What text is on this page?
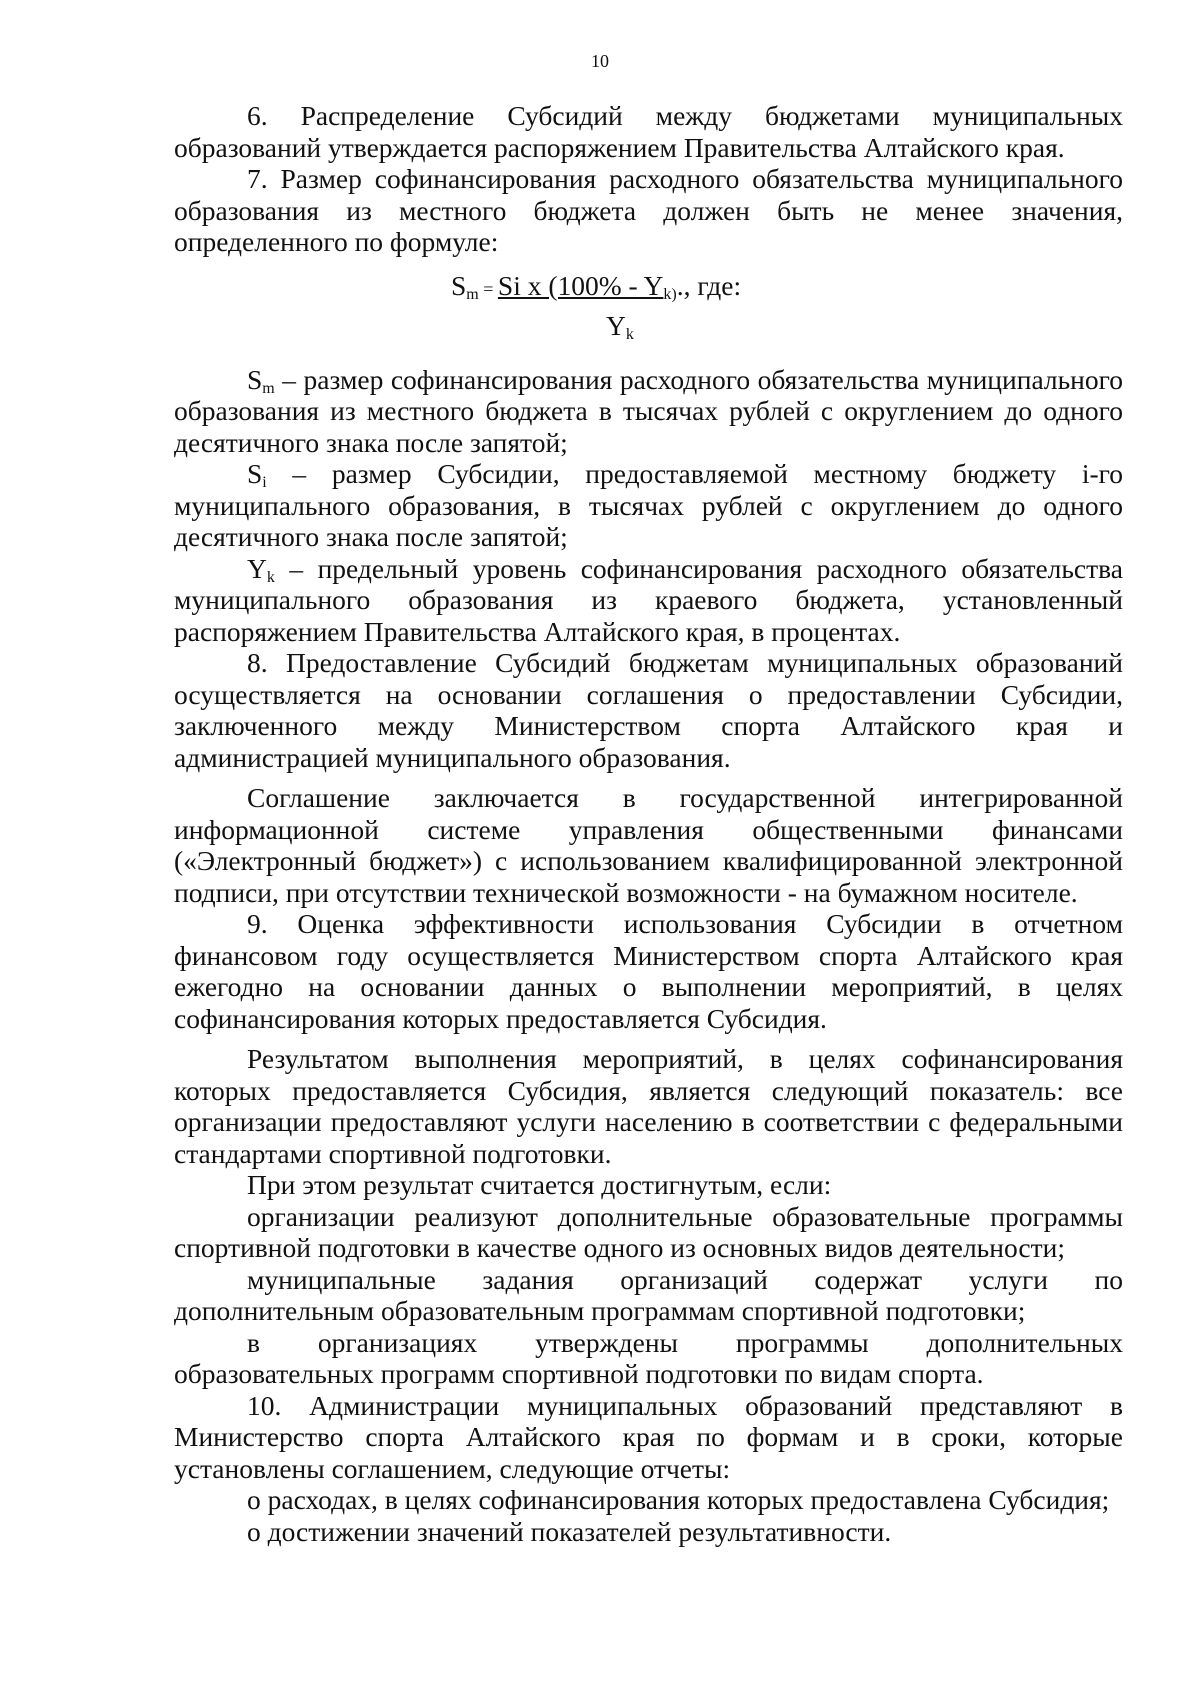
10

6. Распределение Субсидий между бюджетами муниципальных образований утверждается распоряжением Правительства Алтайского края.

7. Размер софинансирования расходного обязательства муниципального образования из местного бюджета должен быть не менее значения, определенного по формуле:

$S_m = Si$ x ($100\% - Y_{k)}$., где:
$Y_k$

$S_m$ – размер софинансирования расходного обязательства муниципального образования из местного бюджета в тысячах рублей с округлением до одного десятичного знака после запятой;

$S_i$ – размер Субсидии, предоставляемой местному бюджету i-го муниципального образования, в тысячах рублей с округлением до одного десятичного знака после запятой;

$Y_k$ – предельный уровень софинансирования расходного обязательства муниципального образования из краевого бюджета, установленный распоряжением Правительства Алтайского края, в процентах.

8. Предоставление Субсидий бюджетам муниципальных образований осуществляется на основании соглашения о предоставлении Субсидии, заключенного между Министерством спорта Алтайского края и администрацией муниципального образования.

Соглашение заключается в государственной интегрированной информационной системе управления общественными финансами («Электронный бюджет») с использованием квалифицированной электронной подписи, при отсутствии технической возможности - на бумажном носителе.

9. Оценка эффективности использования Субсидии в отчетном финансовом году осуществляется Министерством спорта Алтайского края ежегодно на основании данных о выполнении мероприятий, в целях софинансирования которых предоставляется Субсидия.

Результатом выполнения мероприятий, в целях софинансирования которых предоставляется Субсидия, является следующий показатель: все организации предоставляют услуги населению в соответствии с федеральными стандартами спортивной подготовки.

При этом результат считается достигнутым, если:

организации реализуют дополнительные образовательные программы спортивной подготовки в качестве одного из основных видов деятельности;

муниципальные задания организаций содержат услуги по дополнительным образовательным программам спортивной подготовки;

в организациях утверждены программы дополнительных образовательных программ спортивной подготовки по видам спорта.

10. Администрации муниципальных образований представляют в Министерство спорта Алтайского края по формам и в сроки, которые установлены соглашением, следующие отчеты:

о расходах, в целях софинансирования которых предоставлена Субсидия;

о достижении значений показателей результативности.
